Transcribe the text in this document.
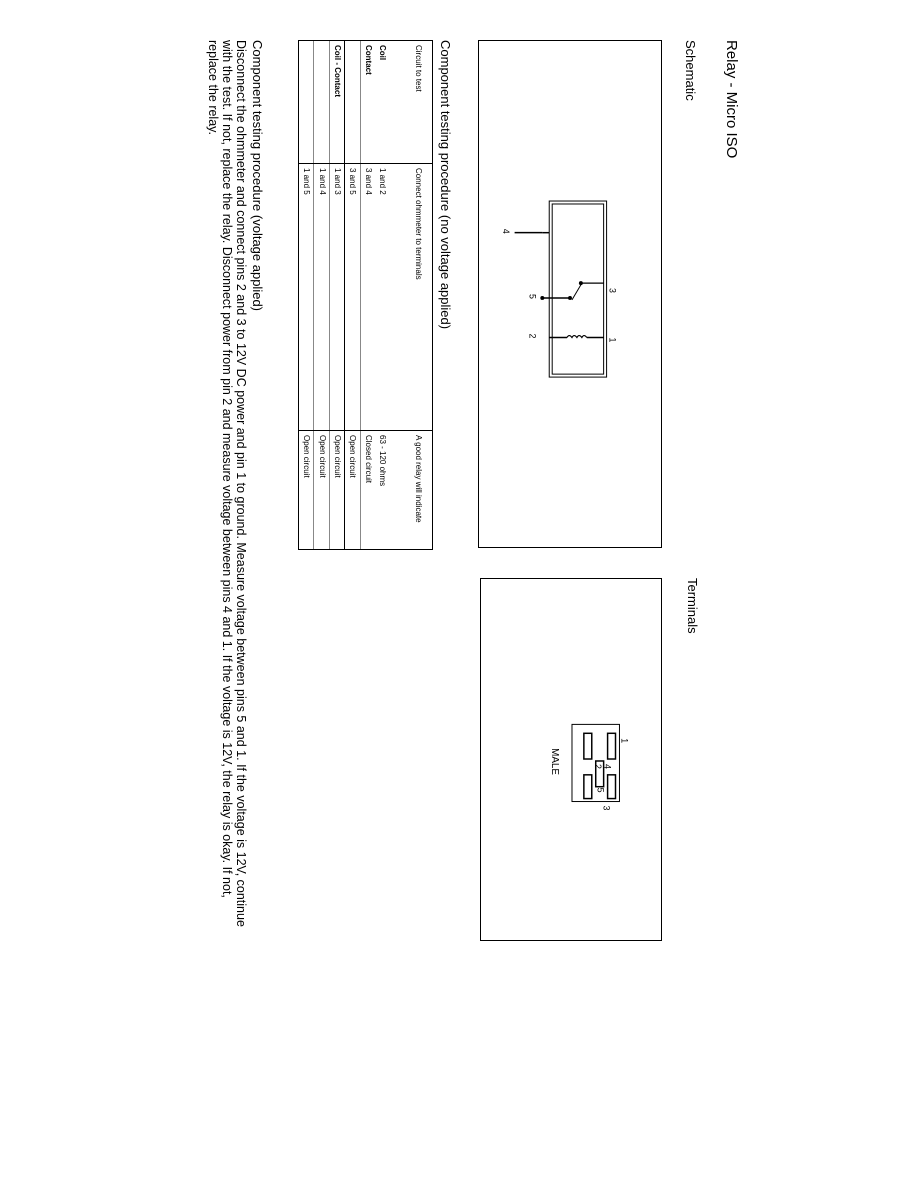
Relay - Micro ISO
Schematic
Terminals
3
1
4
5
2
1
2
3
4
5
MALE
Component testing procedure (no voltage applied)
Circuit to test	Connect ohmmeter to terminals	A good relay will indicate
Coil	1 and 2	63 - 120 ohms
Contact	3 and 4	Closed circuit
	3 and 5	Open circuit
Coil - Contact	1 and 3	Open circuit
	1 and 4	Open circuit
	1 and 5	Open circuit
Component testing procedure (voltage applied)

Disconnect the ohmmeter and connect pins 2 and 3 to 12V DC power and pin 1 to ground. Measure voltage between pins 5 and 1. If the voltage is 12V, continue with the test. If not, replace the relay. Disconnect power from pin 2 and measure voltage between pins 4 and 1. If the voltage is 12V, the relay is okay. If not, replace the relay.
